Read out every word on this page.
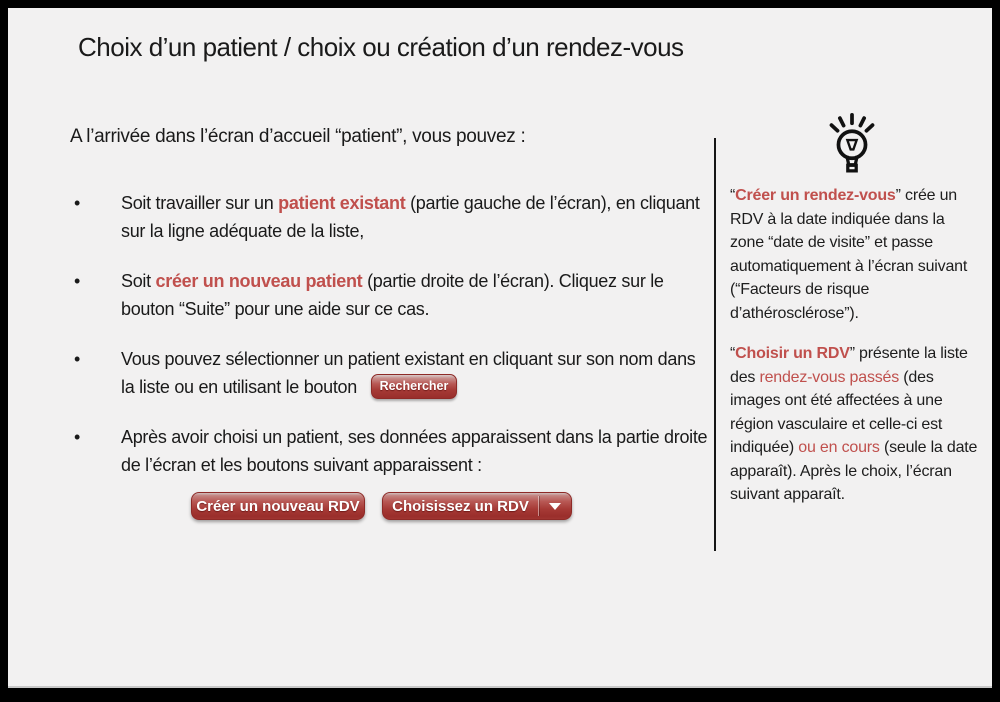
Choix d’un patient / choix ou création d’un rendez-vous
A l’arrivée dans l’écran d’accueil “patient”, vous pouvez :
• Soit travailler sur un patient existant (partie gauche de l’écran), en cliquant sur la ligne adéquate de la liste,
• Soit créer un nouveau patient (partie droite de l’écran). Cliquez sur le bouton “Suite” pour une aide sur ce cas.
• Vous pouvez sélectionner un patient existant en cliquant sur son nom dans la liste ou en utilisant le bouton Rechercher
• Après avoir choisi un patient, ses données apparaissent dans la partie droite de l’écran et les boutons suivant apparaissent :
Créer un nouveau RDV	Choisissez un RDV

“Créer un rendez-vous” crée un RDV à la date indiquée dans la zone “date de visite” et passe automatiquement à l’écran suivant (“Facteurs de risque d’athérosclérose”).

“Choisir un RDV” présente la liste des rendez-vous passés (des images ont été affectées à une région vasculaire et celle-ci est indiquée) ou en cours (seule la date apparaît). Après le choix, l’écran suivant apparaît.
